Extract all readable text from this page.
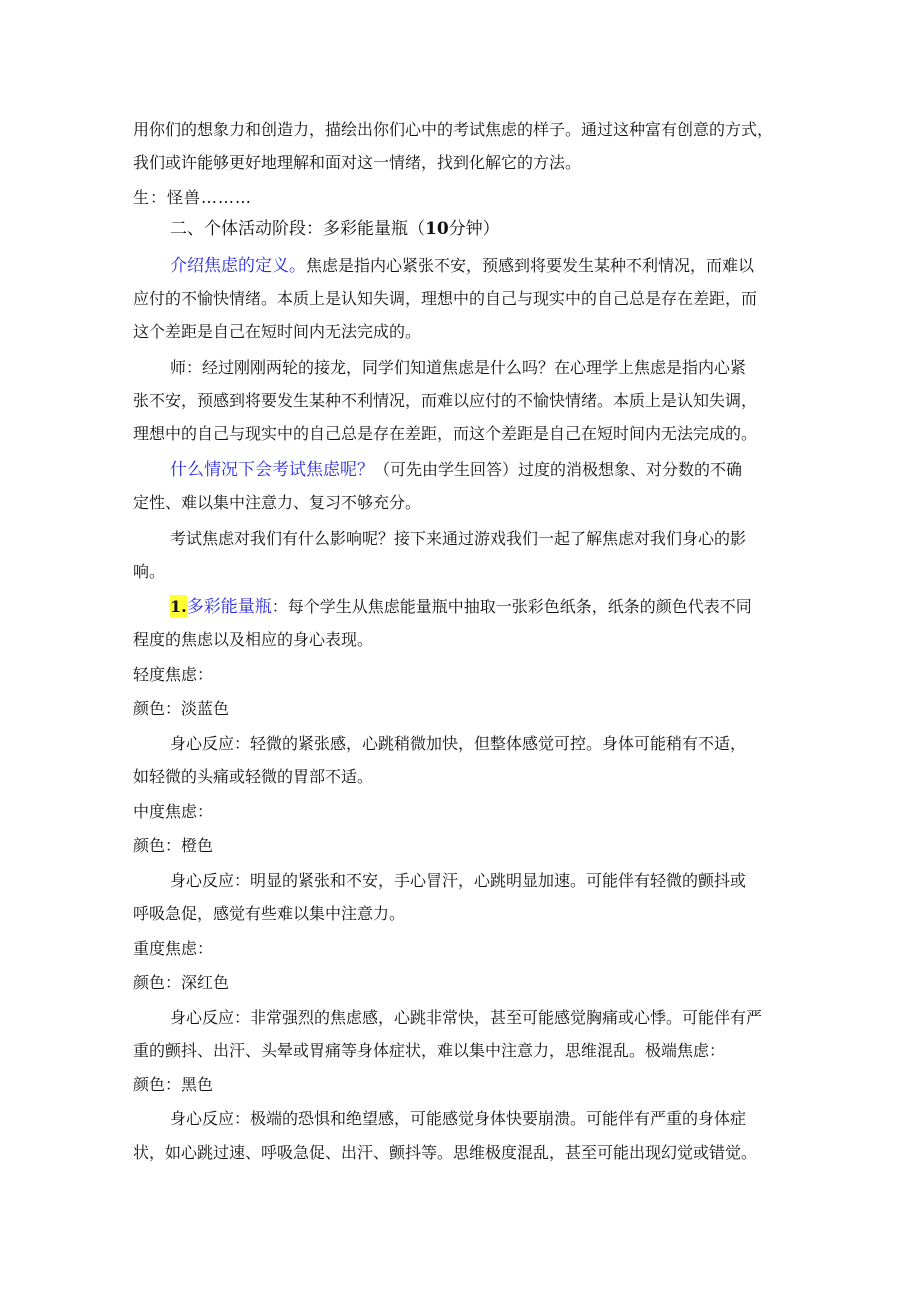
用你们的想象力和创造力，描绘出你们心中的考试焦虑的样子。通过这种富有创意的方式，
我们或许能够更好地理解和面对这一情绪，找到化解它的方法。
生：怪兽………
二、个体活动阶段：多彩能量瓶（10分钟）
介绍焦虑的定义。焦虑是指内心紧张不安，预感到将要发生某种不利情况，而难以
应付的不愉快情绪。本质上是认知失调，理想中的自己与现实中的自己总是存在差距，而
这个差距是自己在短时间内无法完成的。
师：经过刚刚两轮的接龙，同学们知道焦虑是什么吗？在心理学上焦虑是指内心紧
张不安，预感到将要发生某种不利情况，而难以应付的不愉快情绪。本质上是认知失调，
理想中的自己与现实中的自己总是存在差距，而这个差距是自己在短时间内无法完成的。
什么情况下会考试焦虑呢？（可先由学生回答）过度的消极想象、对分数的不确
定性、难以集中注意力、复习不够充分。
考试焦虑对我们有什么影响呢？接下来通过游戏我们一起了解焦虑对我们身心的影
响。
1.多彩能量瓶：每个学生从焦虑能量瓶中抽取一张彩色纸条，纸条的颜色代表不同
程度的焦虑以及相应的身心表现。
轻度焦虑：
颜色：淡蓝色
身心反应：轻微的紧张感，心跳稍微加快，但整体感觉可控。身体可能稍有不适，
如轻微的头痛或轻微的胃部不适。
中度焦虑：
颜色：橙色
身心反应：明显的紧张和不安，手心冒汗，心跳明显加速。可能伴有轻微的颤抖或
呼吸急促，感觉有些难以集中注意力。
重度焦虑：
颜色：深红色
身心反应：非常强烈的焦虑感，心跳非常快，甚至可能感觉胸痛或心悸。可能伴有严
重的颤抖、出汗、头晕或胃痛等身体症状，难以集中注意力，思维混乱。极端焦虑：
颜色：黑色
身心反应：极端的恐惧和绝望感，可能感觉身体快要崩溃。可能伴有严重的身体症
状，如心跳过速、呼吸急促、出汗、颤抖等。思维极度混乱，甚至可能出现幻觉或错觉。
